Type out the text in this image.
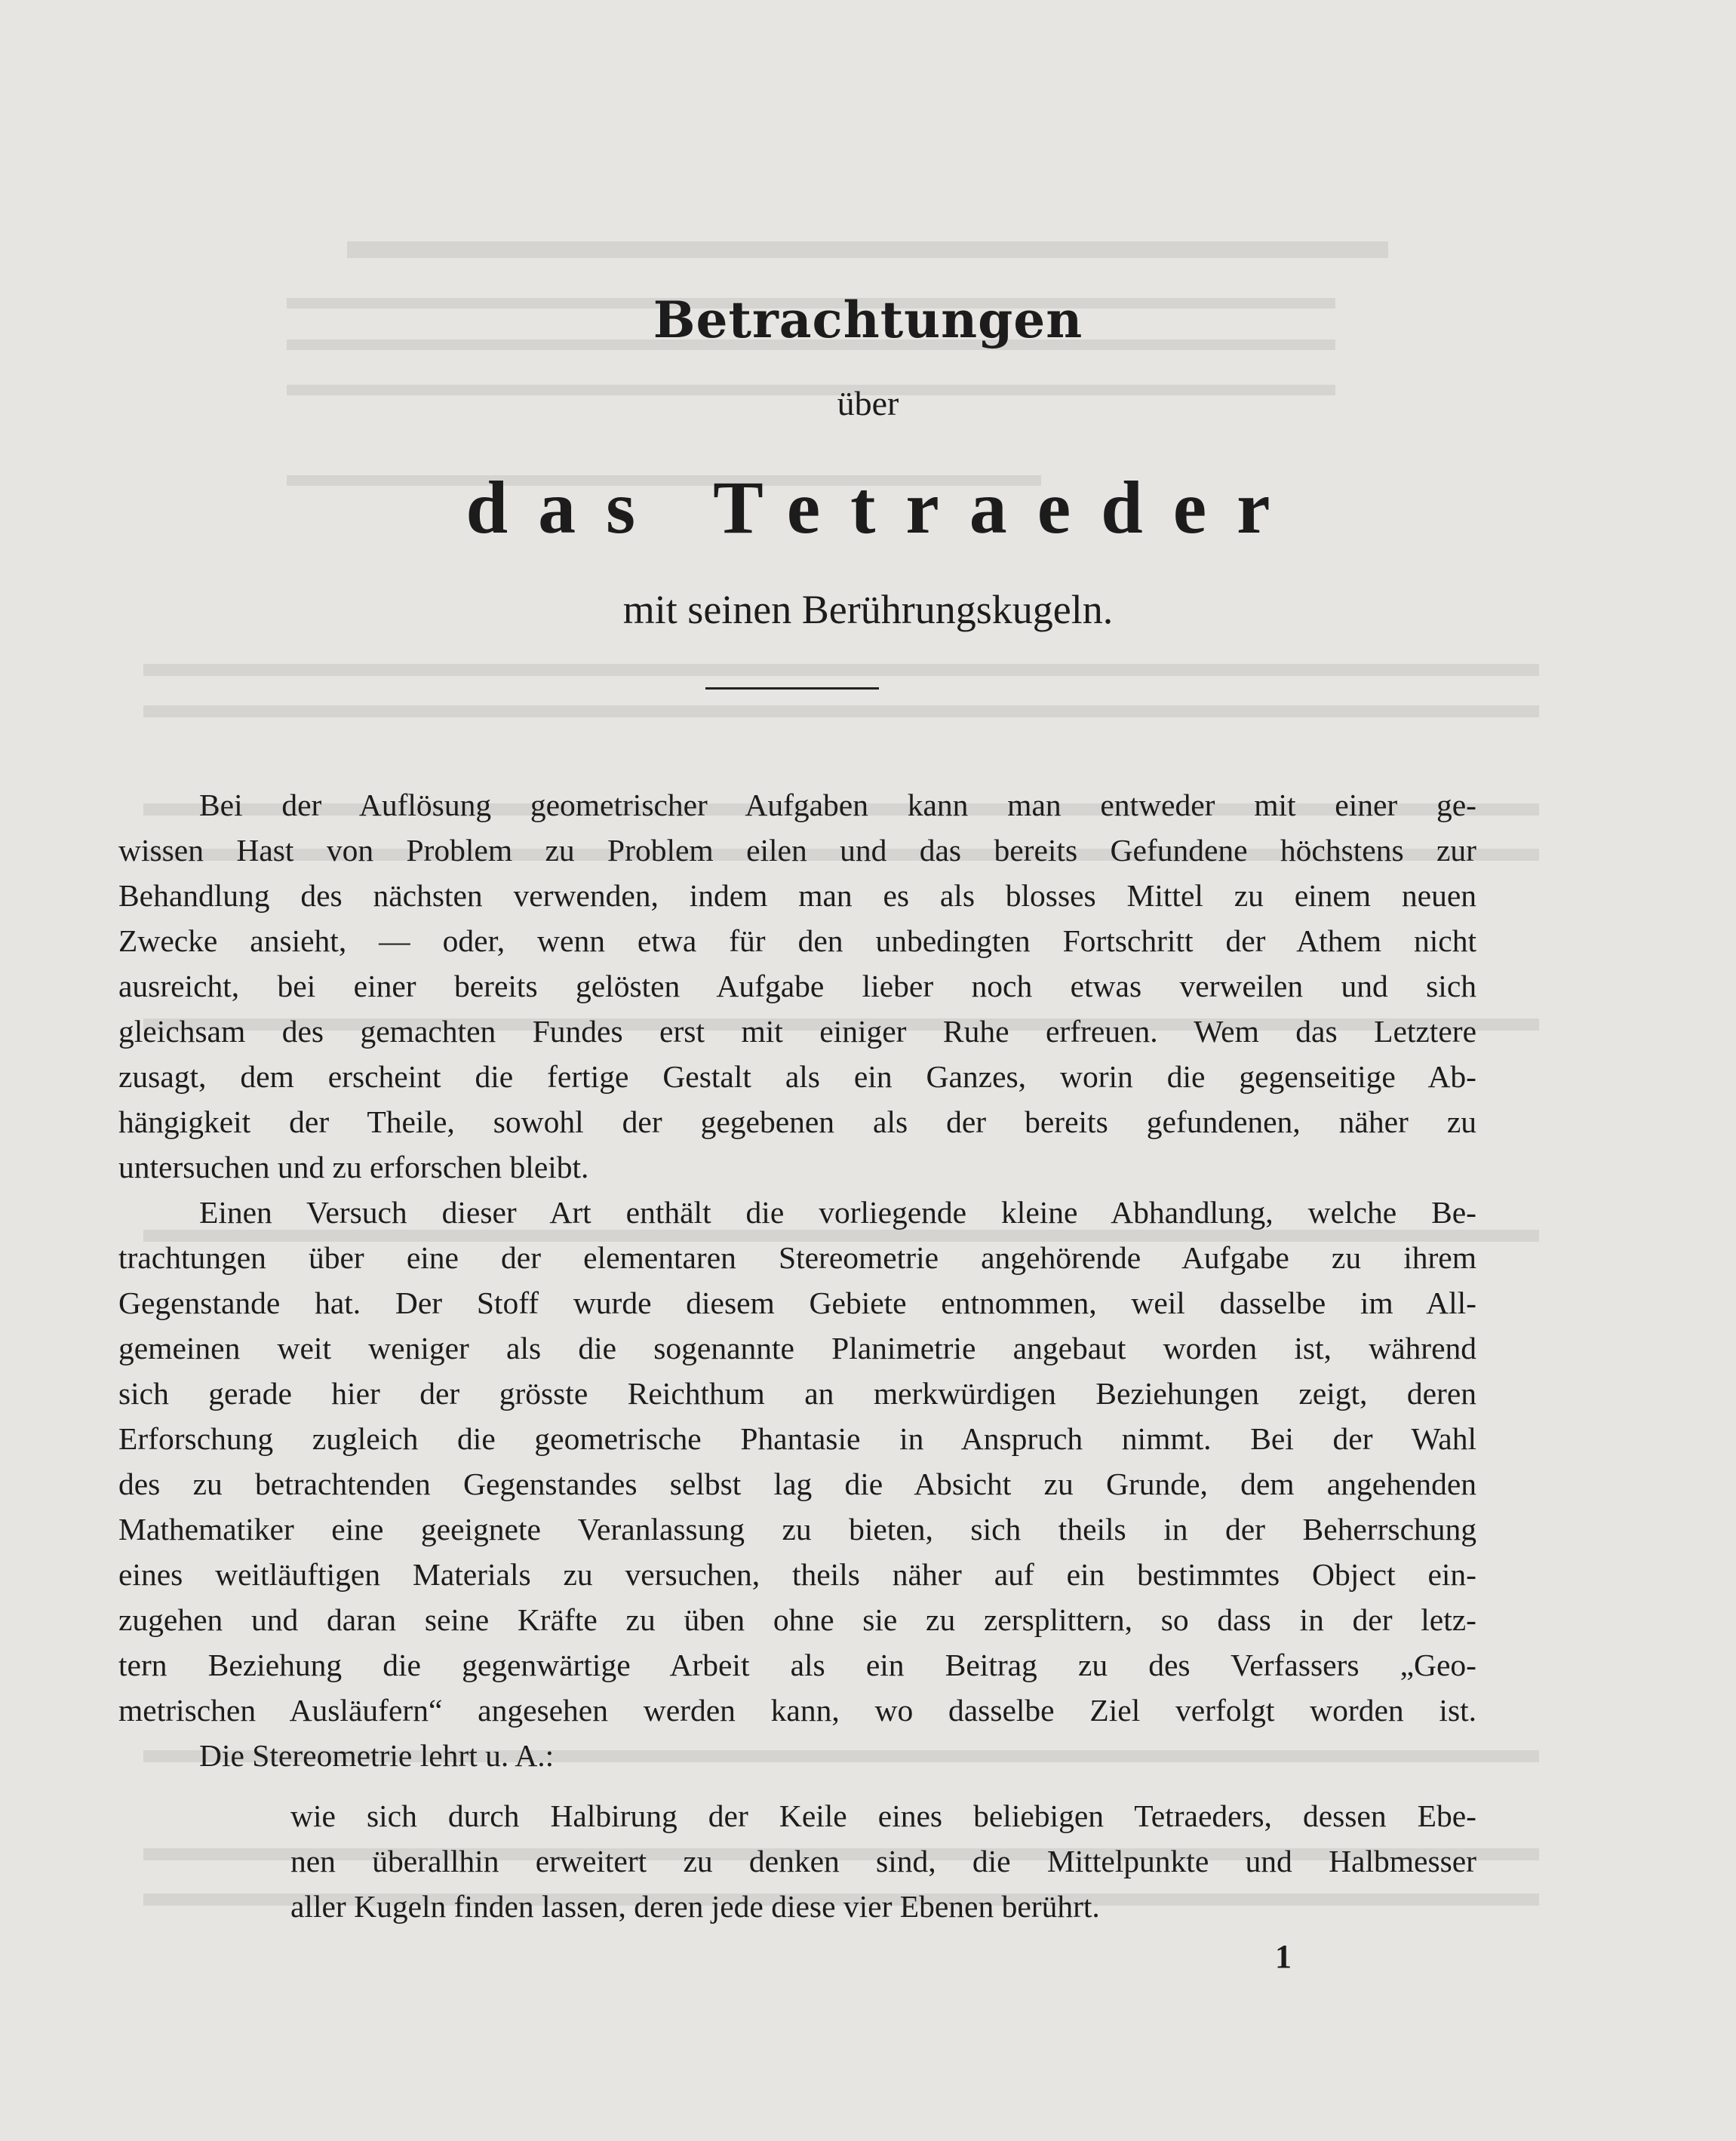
Betrachtungen
über
das Tetraeder
mit seinen Berührungskugeln.
Bei der Auflösung geometrischer Aufgaben kann man entweder mit einer ge-
wissen Hast von Problem zu Problem eilen und das bereits Gefundene höchstens zur
Behandlung des nächsten verwenden, indem man es als blosses Mittel zu einem neuen
Zwecke ansieht, — oder, wenn etwa für den unbedingten Fortschritt der Athem nicht
ausreicht, bei einer bereits gelösten Aufgabe lieber noch etwas verweilen und sich
gleichsam des gemachten Fundes erst mit einiger Ruhe erfreuen. Wem das Letztere
zusagt, dem erscheint die fertige Gestalt als ein Ganzes, worin die gegenseitige Ab-
hängigkeit der Theile, sowohl der gegebenen als der bereits gefundenen, näher zu
untersuchen und zu erforschen bleibt.
Einen Versuch dieser Art enthält die vorliegende kleine Abhandlung, welche Be-
trachtungen über eine der elementaren Stereometrie angehörende Aufgabe zu ihrem
Gegenstande hat. Der Stoff wurde diesem Gebiete entnommen, weil dasselbe im All-
gemeinen weit weniger als die sogenannte Planimetrie angebaut worden ist, während
sich gerade hier der grösste Reichthum an merkwürdigen Beziehungen zeigt, deren
Erforschung zugleich die geometrische Phantasie in Anspruch nimmt. Bei der Wahl
des zu betrachtenden Gegenstandes selbst lag die Absicht zu Grunde, dem angehenden
Mathematiker eine geeignete Veranlassung zu bieten, sich theils in der Beherrschung
eines weitläuftigen Materials zu versuchen, theils näher auf ein bestimmtes Object ein-
zugehen und daran seine Kräfte zu üben ohne sie zu zersplittern, so dass in der letz-
tern Beziehung die gegenwärtige Arbeit als ein Beitrag zu des Verfassers „Geo-
metrischen Ausläufern“ angesehen werden kann, wo dasselbe Ziel verfolgt worden ist.
Die Stereometrie lehrt u. A.:
wie sich durch Halbirung der Keile eines beliebigen Tetraeders, dessen Ebe-
nen überallhin erweitert zu denken sind, die Mittelpunkte und Halbmesser
aller Kugeln finden lassen, deren jede diese vier Ebenen berührt.
1
